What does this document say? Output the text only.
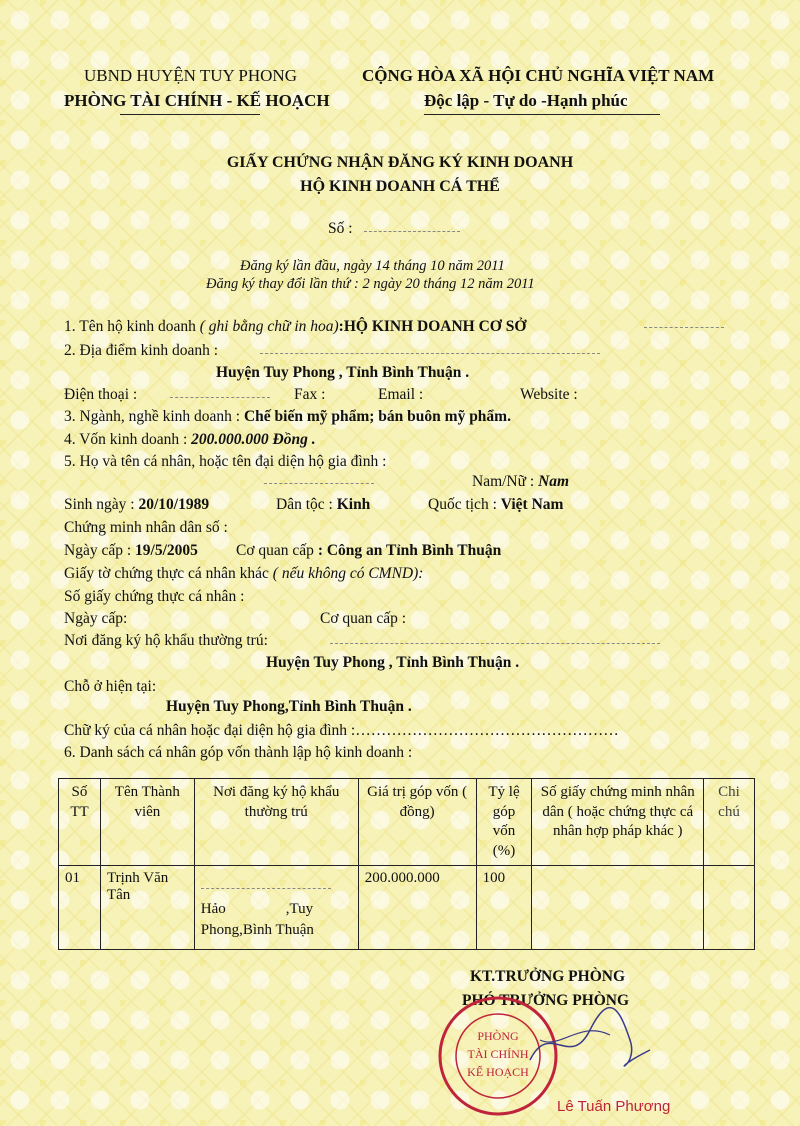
UBND HUYỆN TUY PHONG
PHÒNG TÀI CHÍNH - KẾ HOẠCH
CỘNG HÒA XÃ HỘI CHỦ NGHĨA VIỆT NAM
Độc lập - Tự do -Hạnh phúc
GIẤY CHỨNG NHẬN ĐĂNG KÝ KINH DOANH
HỘ KINH DOANH CÁ THỂ
Số :
Đăng ký lần đầu, ngày 14 tháng 10 năm 2011
Đăng ký thay đổi lần thứ : 2 ngày 20 tháng 12 năm 2011
1. Tên hộ kinh doanh ( ghi bằng chữ in hoa):HỘ KINH DOANH CƠ SỞ
2. Địa điểm kinh doanh :
Huyện Tuy Phong , Tỉnh Bình Thuận .
Điện thoại :	Fax :	Email :	Website :
3. Ngành, nghề kinh doanh : Chế biến mỹ phẩm; bán buôn mỹ phẩm.
4. Vốn kinh doanh : 200.000.000 Đồng .
5. Họ và tên cá nhân, hoặc tên đại diện hộ gia đình :
Nam/Nữ : Nam
Sinh ngày : 20/10/1989	Dân tộc : Kinh	Quốc tịch : Việt Nam
Chứng minh nhân dân số :
Ngày cấp : 19/5/2005 Cơ quan cấp : Công an Tỉnh Bình Thuận
Giấy tờ chứng thực cá nhân khác ( nếu không có CMND):
Số giấy chứng thực cá nhân :
Ngày cấp:	Cơ quan cấp :
Nơi đăng ký hộ khẩu thường trú:
Huyện Tuy Phong , Tỉnh Bình Thuận .
Chỗ ở hiện tại:
Huyện Tuy Phong,Tỉnh Bình Thuận .
Chữ ký của cá nhân hoặc đại diện hộ gia đình :……………………………………………
6. Danh sách cá nhân góp vốn thành lập hộ kinh doanh :
Số TT	Tên Thành viên	Nơi đăng ký hộ khẩu thường trú	Giá trị góp vốn ( đồng)	Tỷ lệ góp vốn (%)	Số giấy chứng minh nhân dân ( hoặc chứng thực cá nhân hợp pháp khác )	Chi chú
01	Trịnh Văn Tân	Hảo ,Tuy
Phong,Bình Thuận	200.000.000	100		
KT.TRƯỞNG PHÒNG
PHÓ TRƯỞNG PHÒNG
PHÒNG
TÀI CHÍNH
KẾ HOẠCH
Lê Tuấn Phương
